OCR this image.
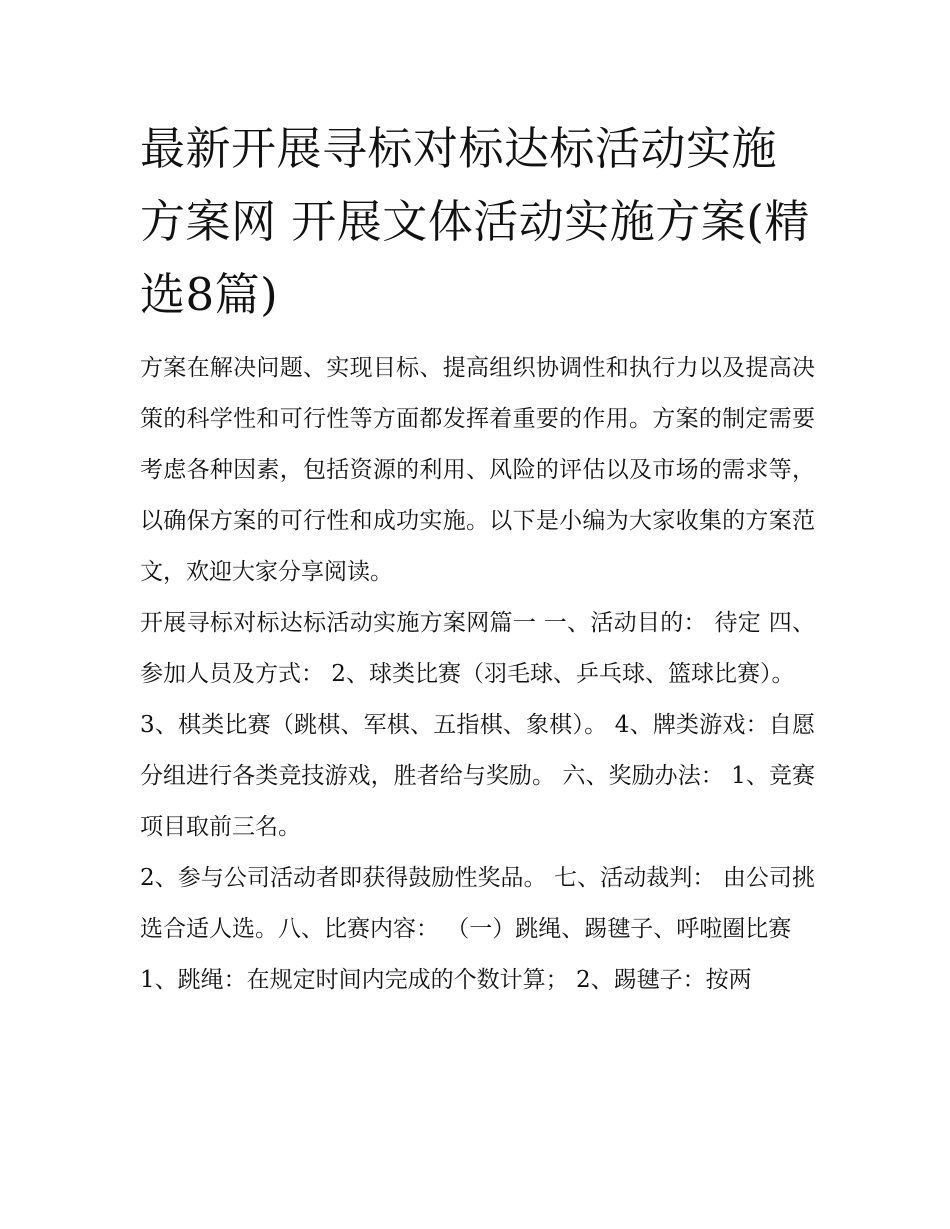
最新开展寻标对标达标活动实施方案网 开展文体活动实施方案(精选8篇)

方案在解决问题、实现目标、提高组织协调性和执行力以及提高决策的科学性和可行性等方面都发挥着重要的作用。方案的制定需要考虑各种因素，包括资源的利用、风险的评估以及市场的需求等，以确保方案的可行性和成功实施。以下是小编为大家收集的方案范文，欢迎大家分享阅读。

开展寻标对标达标活动实施方案网篇一 一、活动目的： 待定 四、参加人员及方式： 2、球类比赛（羽毛球、乒乓球、篮球比赛）。

3、棋类比赛（跳棋、军棋、五指棋、象棋）。 4、牌类游戏：自愿分组进行各类竞技游戏，胜者给与奖励。 六、奖励办法： 1、竞赛项目取前三名。

2、参与公司活动者即获得鼓励性奖品。 七、活动裁判： 由公司挑选合适人选。八、比赛内容： （一）跳绳、踢毽子、呼啦圈比赛

1、跳绳：在规定时间内完成的个数计算； 2、踢毽子：按两
